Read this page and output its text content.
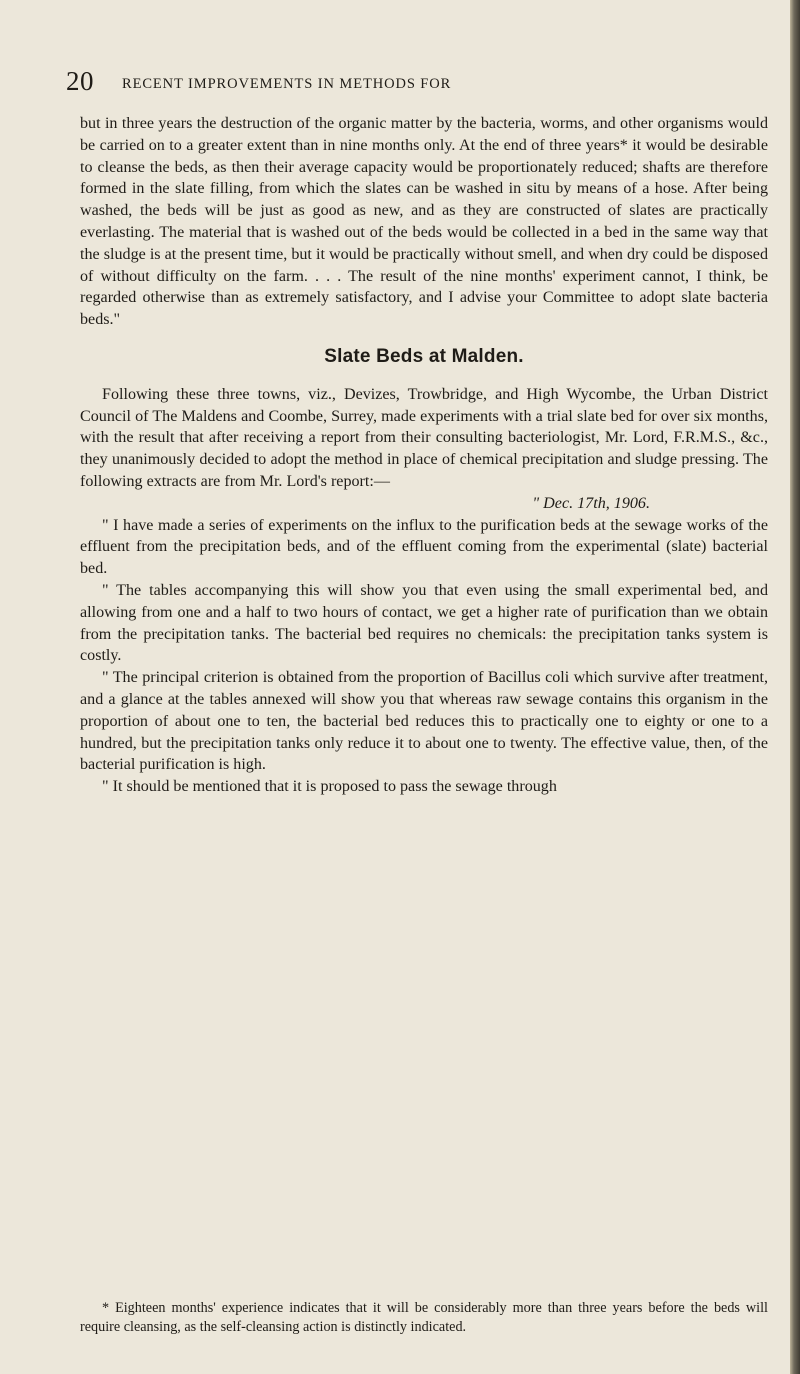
20 RECENT IMPROVEMENTS IN METHODS FOR

but in three years the destruction of the organic matter by the bacteria, worms, and other organisms would be carried on to a greater extent than in nine months only. At the end of three years* it would be desirable to cleanse the beds, as then their average capacity would be proportionately reduced; shafts are therefore formed in the slate filling, from which the slates can be washed in situ by means of a hose. After being washed, the beds will be just as good as new, and as they are constructed of slates are practically everlasting. The material that is washed out of the beds would be collected in a bed in the same way that the sludge is at the present time, but it would be practically without smell, and when dry could be disposed of without difficulty on the farm. . . . The result of the nine months' experiment cannot, I think, be regarded otherwise than as extremely satisfactory, and I advise your Committee to adopt slate bacteria beds."

Slate Beds at Malden.

Following these three towns, viz., Devizes, Trowbridge, and High Wycombe, the Urban District Council of The Maldens and Coombe, Surrey, made experiments with a trial slate bed for over six months, with the result that after receiving a report from their consulting bacteriologist, Mr. Lord, F.R.M.S., &c., they unanimously decided to adopt the method in place of chemical precipitation and sludge pressing. The following extracts are from Mr. Lord's report:—

" Dec. 17th, 1906.

" I have made a series of experiments on the influx to the purification beds at the sewage works of the effluent from the precipitation beds, and of the effluent coming from the experimental (slate) bacterial bed.

" The tables accompanying this will show you that even using the small experimental bed, and allowing from one and a half to two hours of contact, we get a higher rate of purification than we obtain from the precipitation tanks. The bacterial bed requires no chemicals: the precipitation tanks system is costly.

" The principal criterion is obtained from the proportion of Bacillus coli which survive after treatment, and a glance at the tables annexed will show you that whereas raw sewage contains this organism in the proportion of about one to ten, the bacterial bed reduces this to practically one to eighty or one to a hundred, but the precipitation tanks only reduce it to about one to twenty. The effective value, then, of the bacterial purification is high.

" It should be mentioned that it is proposed to pass the sewage through

* Eighteen months' experience indicates that it will be considerably more than three years before the beds will require cleansing, as the self-cleansing action is distinctly indicated.
